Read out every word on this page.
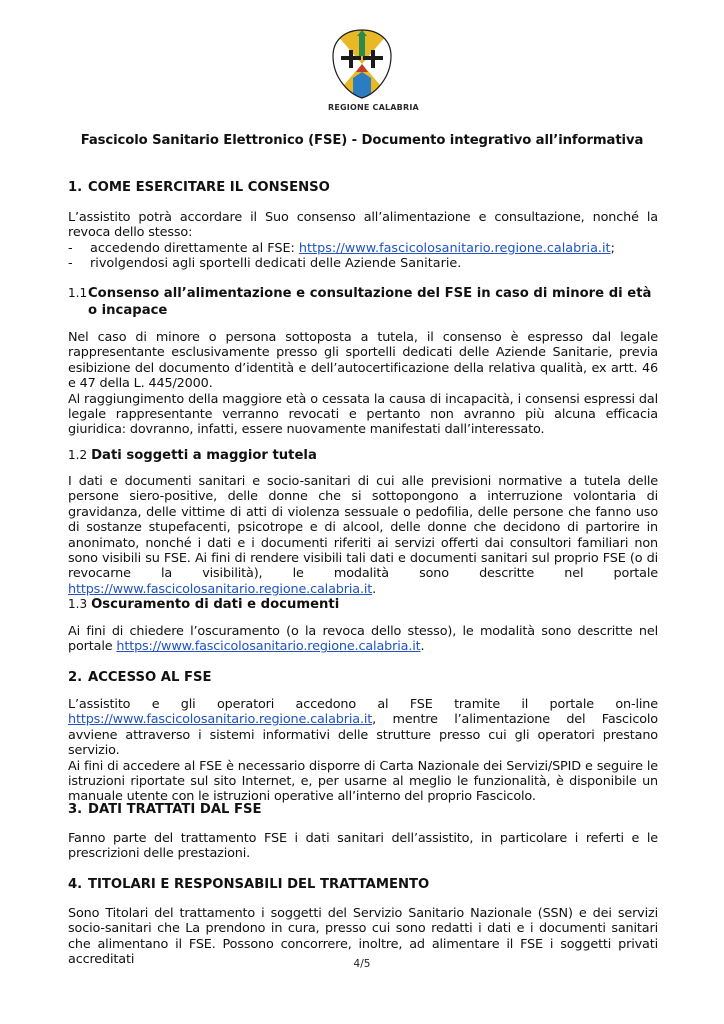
REGIONE CALABRIA
Fascicolo Sanitario Elettronico (FSE) - Documento integrativo all’informativa
1. COME ESERCITARE IL CONSENSO
L’assistito potrà accordare il Suo consenso all’alimentazione e consultazione, nonché la revoca dello stesso:
- accedendo direttamente al FSE: https://www.fascicolosanitario.regione.calabria.it;
- rivolgendosi agli sportelli dedicati delle Aziende Sanitarie.
1.1Consenso all’alimentazione e consultazione del FSE in caso di minore di età o incapace
Nel caso di minore o persona sottoposta a tutela, il consenso è espresso dal legale rappresentante esclusivamente presso gli sportelli dedicati delle Aziende Sanitarie, previa esibizione del documento d’identità e dell’autocertificazione della relativa qualità, ex artt. 46 e 47 della L. 445/2000.
Al raggiungimento della maggiore età o cessata la causa di incapacità, i consensi espressi dal legale rappresentante verranno revocati e pertanto non avranno più alcuna efficacia giuridica: dovranno, infatti, essere nuovamente manifestati dall’interessato.
1.2 Dati soggetti a maggior tutela
I dati e documenti sanitari e socio-sanitari di cui alle previsioni normative a tutela delle persone siero-positive, delle donne che si sottopongono a interruzione volontaria di gravidanza, delle vittime di atti di violenza sessuale o pedofilia, delle persone che fanno uso di sostanze stupefacenti, psicotrope e di alcool, delle donne che decidono di partorire in anonimato, nonché i dati e i documenti riferiti ai servizi offerti dai consultori familiari non sono visibili su FSE. Ai fini di rendere visibili tali dati e documenti sanitari sul proprio FSE (o di revocarne la visibilità), le modalità sono descritte nel portale https://www.fascicolosanitario.regione.calabria.it.
1.3 Oscuramento di dati e documenti
Ai fini di chiedere l’oscuramento (o la revoca dello stesso), le modalità sono descritte nel portale https://www.fascicolosanitario.regione.calabria.it.
2. ACCESSO AL FSE
L’assistito e gli operatori accedono al FSE tramite il portale on-line
https://www.fascicolosanitario.regione.calabria.it, mentre l’alimentazione del Fascicolo avviene attraverso i sistemi informativi delle strutture presso cui gli operatori prestano servizio.
Ai fini di accedere al FSE è necessario disporre di Carta Nazionale dei Servizi/SPID e seguire le istruzioni riportate sul sito Internet, e, per usarne al meglio le funzionalità, è disponibile un manuale utente con le istruzioni operative all’interno del proprio Fascicolo.
3. DATI TRATTATI DAL FSE
Fanno parte del trattamento FSE i dati sanitari dell’assistito, in particolare i referti e le prescrizioni delle prestazioni.
4. TITOLARI E RESPONSABILI DEL TRATTAMENTO
Sono Titolari del trattamento i soggetti del Servizio Sanitario Nazionale (SSN) e dei servizi socio-sanitari che La prendono in cura, presso cui sono redatti i dati e i documenti sanitari che alimentano il FSE. Possono concorrere, inoltre, ad alimentare il FSE i soggetti privati accreditati	4/5
